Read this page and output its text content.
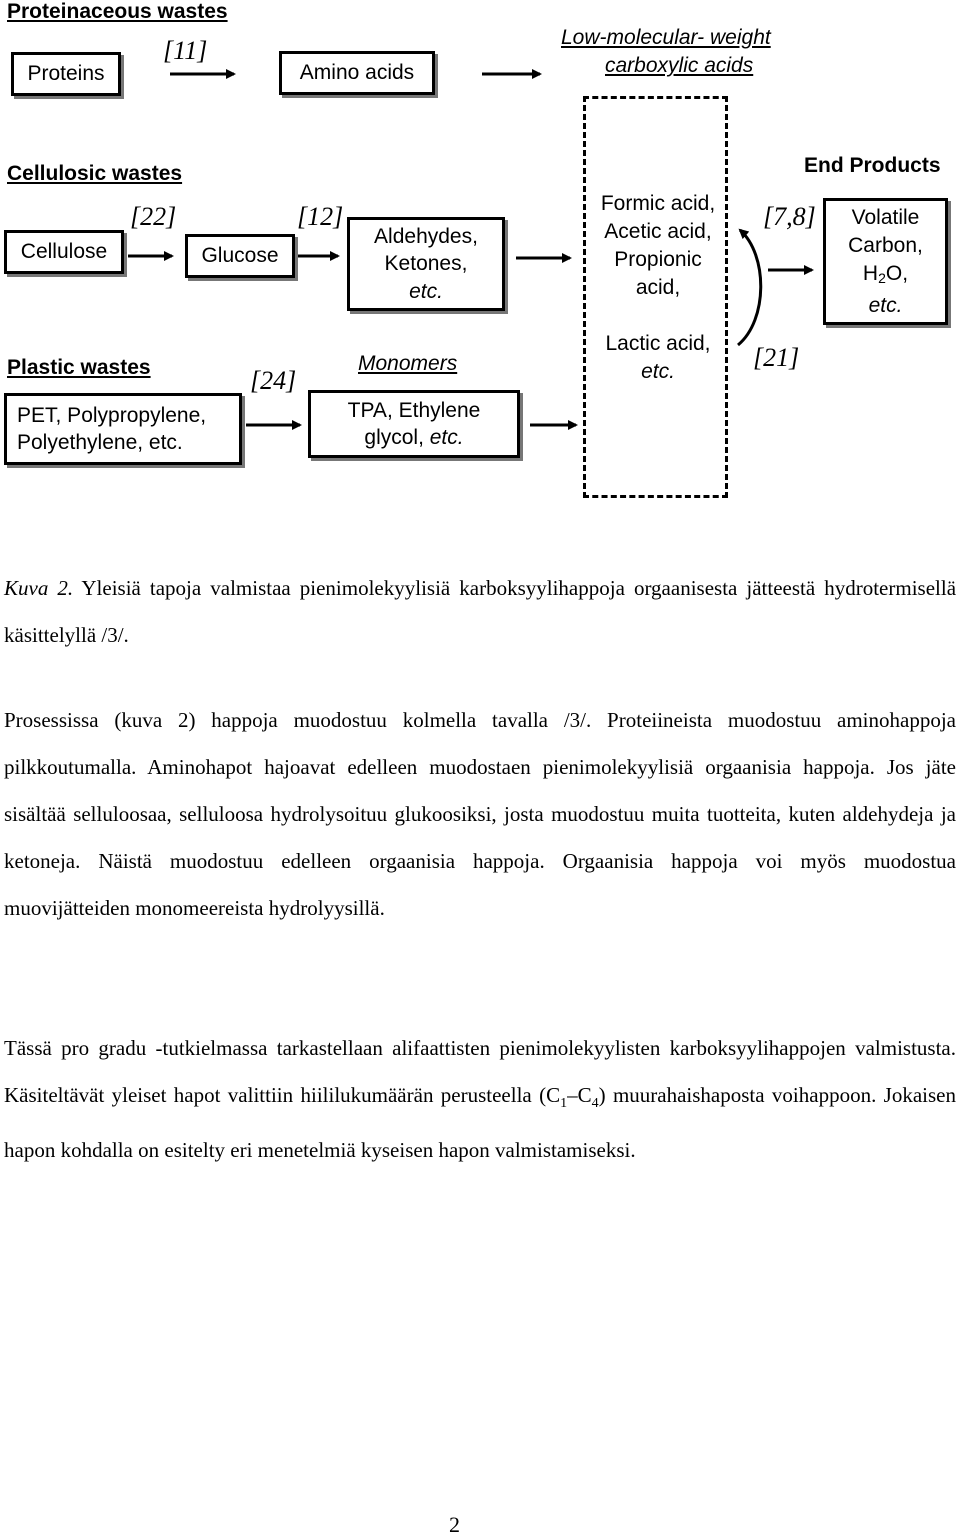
Proteinaceous wastes
Proteins
[11]
Amino acids
Low-molecular- weight
carboxylic acids
Cellulosic wastes
Cellulose
[22]
Glucose
[12]
Aldehydes,
Ketones,
etc.
Formic acid,
Acetic acid,
Propionic
acid,
Lactic acid,
etc.
End Products
[7,8]
[21]
Volatile
Carbon,
$H_2O$,
etc.
Plastic wastes	[24]
PET, Polypropylene,
Polyethylene, etc.
Monomers
TPA, Ethylene
glycol, etc.
Kuva 2. Yleisiä tapoja valmistaa pienimolekyylisiä karboksyylihappoja orgaanisesta jätteestä hydrotermisellä käsittelyllä /3/.
Prosessissa (kuva 2) happoja muodostuu kolmella tavalla /3/. Proteiineista muodostuu aminohappoja pilkkoutumalla. Aminohapot hajoavat edelleen muodostaen pienimolekyylisiä orgaanisia happoja. Jos jäte sisältää selluloosaa, selluloosa hydrolysoituu glukoosiksi, josta muodostuu muita tuotteita, kuten aldehydeja ja ketoneja. Näistä muodostuu edelleen orgaanisia happoja. Orgaanisia happoja voi myös muodostua muovijätteiden monomeereista hydrolyysillä.
Tässä pro gradu -tutkielmassa tarkastellaan alifaattisten pienimolekyylisten karboksyylihappojen valmistusta. Käsiteltävät yleiset hapot valittiin hiililukumäärän perusteella $(C_1-C_4)$ muurahaishaposta voihappoon. Jokaisen hapon kohdalla on esitelty eri menetelmiä kyseisen hapon valmistamiseksi.
2
